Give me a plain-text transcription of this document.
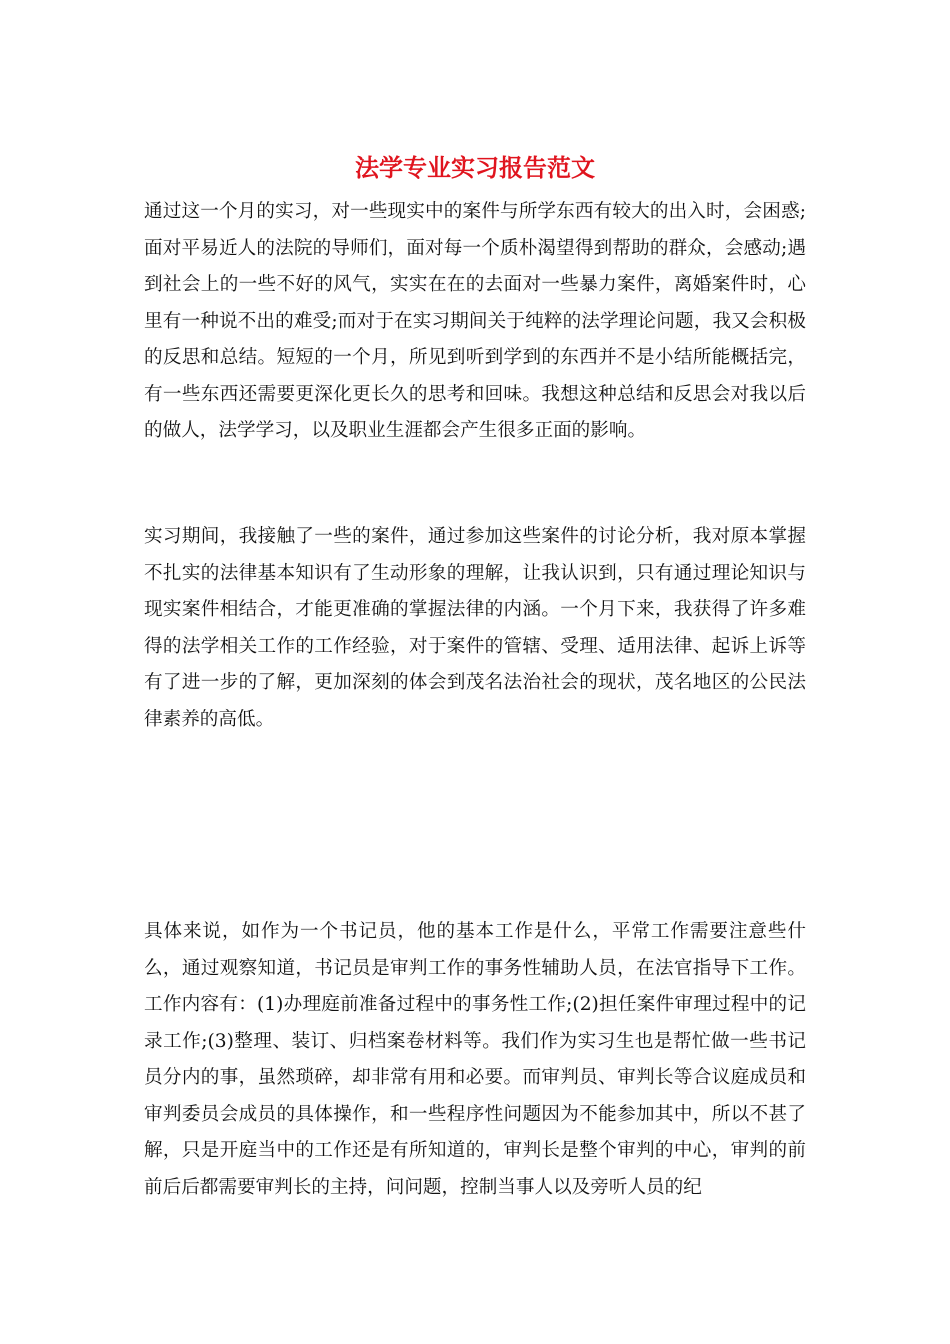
法学专业实习报告范文

通过这一个月的实习，对一些现实中的案件与所学东西有较大的出入时，会困惑;面对平易近人的法院的导师们，面对每一个质朴渴望得到帮助的群众，会感动;遇到社会上的一些不好的风气，实实在在的去面对一些暴力案件，离婚案件时，心里有一种说不出的难受;而对于在实习期间关于纯粹的法学理论问题，我又会积极的反思和总结。短短的一个月，所见到听到学到的东西并不是小结所能概括完，有一些东西还需要更深化更长久的思考和回味。我想这种总结和反思会对我以后的做人，法学学习，以及职业生涯都会产生很多正面的影响。

实习期间，我接触了一些的案件，通过参加这些案件的讨论分析，我对原本掌握不扎实的法律基本知识有了生动形象的理解，让我认识到，只有通过理论知识与现实案件相结合，才能更准确的掌握法律的内涵。一个月下来，我获得了许多难得的法学相关工作的工作经验，对于案件的管辖、受理、适用法律、起诉上诉等有了进一步的了解，更加深刻的体会到茂名法治社会的现状，茂名地区的公民法律素养的高低。

具体来说，如作为一个书记员，他的基本工作是什么，平常工作需要注意些什么，通过观察知道，书记员是审判工作的事务性辅助人员，在法官指导下工作。工作内容有：(1)办理庭前准备过程中的事务性工作;(2)担任案件审理过程中的记录工作;(3)整理、装订、归档案卷材料等。我们作为实习生也是帮忙做一些书记员分内的事，虽然琐碎，却非常有用和必要。而审判员、审判长等合议庭成员和审判委员会成员的具体操作，和一些程序性问题因为不能参加其中，所以不甚了解，只是开庭当中的工作还是有所知道的，审判长是整个审判的中心，审判的前前后后都需要审判长的主持，问问题，控制当事人以及旁听人员的纪
